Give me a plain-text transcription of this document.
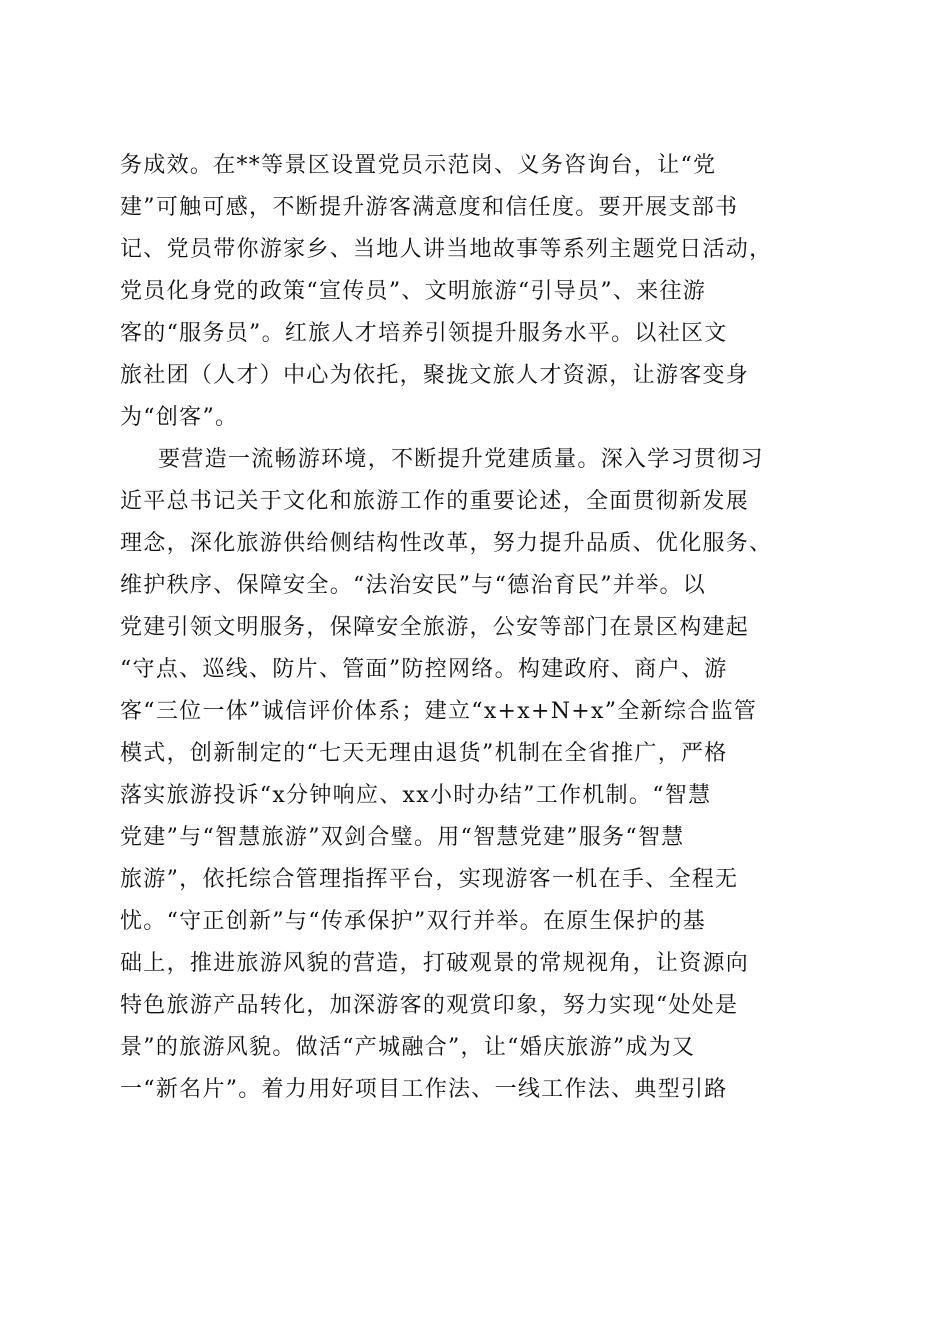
务成效。在**等景区设置党员示范岗、义务咨询台，让“党
建”可触可感，不断提升游客满意度和信任度。要开展支部书
记、党员带你游家乡、当地人讲当地故事等系列主题党日活动，
党员化身党的政策“宣传员”、文明旅游“引导员”、来往游
客的“服务员”。红旅人才培养引领提升服务水平。以社区文
旅社团（人才）中心为依托，聚拢文旅人才资源，让游客变身
为“创客”。
要营造一流畅游环境，不断提升党建质量。深入学习贯彻习
近平总书记关于文化和旅游工作的重要论述，全面贯彻新发展
理念，深化旅游供给侧结构性改革，努力提升品质、优化服务、
维护秩序、保障安全。“法治安民”与“德治育民”并举。以
党建引领文明服务，保障安全旅游，公安等部门在景区构建起
“守点、巡线、防片、管面”防控网络。构建政府、商户、游
客“三位一体”诚信评价体系；建立“x+x+N+x”全新综合监管
模式，创新制定的“七天无理由退货”机制在全省推广，严格
落实旅游投诉“x分钟响应、xx小时办结”工作机制。“智慧
党建”与“智慧旅游”双剑合璧。用“智慧党建”服务“智慧
旅游”，依托综合管理指挥平台，实现游客一机在手、全程无
忧。“守正创新”与“传承保护”双行并举。在原生保护的基
础上，推进旅游风貌的营造，打破观景的常规视角，让资源向
特色旅游产品转化，加深游客的观赏印象，努力实现“处处是
景”的旅游风貌。做活“产城融合”，让“婚庆旅游”成为又
一“新名片”。着力用好项目工作法、一线工作法、典型引路
